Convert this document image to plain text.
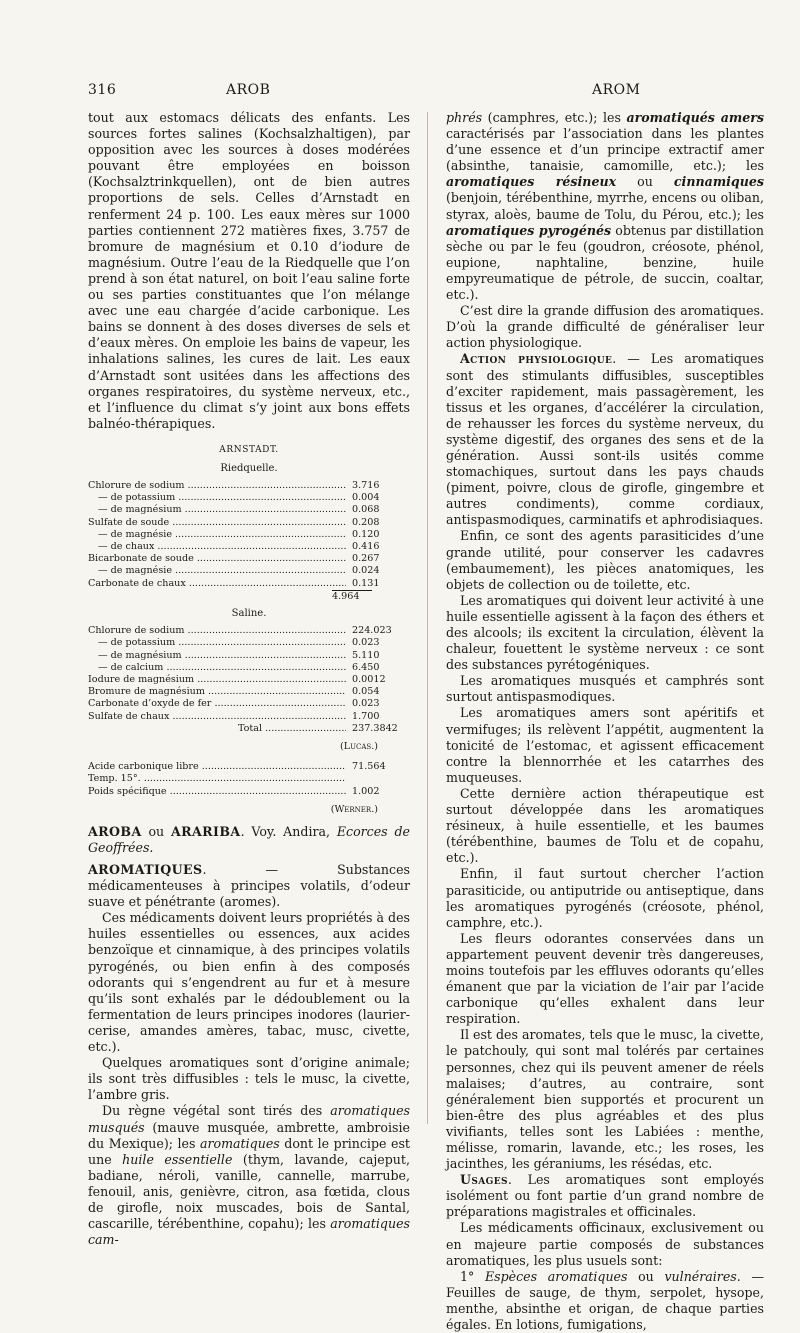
316	AROB	AROM

tout aux estomacs délicats des enfants. Les sources fortes salines (Kochsalzhaltigen), par opposition avec les sources à doses modérées pouvant être employées en boisson (Kochsalztrinkquellen), ont de bien autres proportions de sels. Celles d’Arnstadt en renferment 24 p. 100. Les eaux mères sur 1000 parties contiennent 272 matières fixes, 3.757 de bromure de magnésium et 0.10 d’iodure de magnésium. Outre l’eau de la Riedquelle que l’on prend à son état naturel, on boit l’eau saline forte ou ses parties constituantes que l’on mélange avec une eau chargée d’acide carbonique. Les bains se donnent à des doses diverses de sels et d’eaux mères. On emploie les bains de vapeur, les inhalations salines, les cures de lait. Les eaux d’Arnstadt sont usitées dans les affections des organes respiratoires, du système nerveux, etc., et l’influence du climat s’y joint aux bons effets balnéo-thérapiques.

ARNSTADT.
Riedquelle.
Chlorure de sodium .....	3.716
— de potassium .....	0.004
— de magnésium .....	0.068
Sulfate de soude .....	0.208
— de magnésie .....	0.120
— de chaux .....	0.416
Bicarbonate de soude .....	0.267
— de magnésie .....	0.024
Carbonate de chaux .....	0.131
4.964
Saline.
Chlorure de sodium .....	224.023
— de potassium .....	0.023
— de magnésium .....	5.110
— de calcium .....	6.450
Iodure de magnésium .....	0.0012
Bromure de magnésium .....	0.054
Carbonate d’oxyde de fer .....	0.023
Sulfate de chaux .....	1.700
Total .....	237.3842
(Lucas.)
Acide carbonique libre .....	71.564
Temp. 15°. .....
Poids spécifique .....	1.002
(Werner.)

AROBA ou ARARIBA. Voy. Andira, Ecorces de Geoffrées.

AROMATIQUES. — Substances médicamenteuses à principes volatils, d’odeur suave et pénétrante (aromes).

Ces médicaments doivent leurs propriétés à des huiles essentielles ou essences, aux acides benzoïque et cinnamique, à des principes volatils pyrogénés, ou bien enfin à des composés odorants qui s’engendrent au fur et à mesure qu’ils sont exhalés par le dédoublement ou la fermentation de leurs principes inodores (laurier-cerise, amandes amères, tabac, musc, civette, etc.).

Quelques aromatiques sont d’origine animale; ils sont très diffusibles : tels le musc, la civette, l’ambre gris.

Du règne végétal sont tirés des aromatiques musqués (mauve musquée, ambrette, ambroisie du Mexique); les aromatiques dont le principe est une huile essentielle (thym, lavande, cajeput, badiane, néroli, vanille, cannelle, marrube, fenouil, anis, genièvre, citron, asa fœtida, clous de girofle, noix muscades, bois de Santal, cascarille, térébenthine, copahu); les aromatiques cam-

phrés (camphres, etc.); les aromatiqués amers caractérisés par l’association dans les plantes d’une essence et d’un principe extractif amer (absinthe, tanaisie, camomille, etc.); les aromatiques résineux ou cinnamiques (benjoin, térébenthine, myrrhe, encens ou oliban, styrax, aloès, baume de Tolu, du Pérou, etc.); les aromatiques pyrogénés obtenus par distillation sèche ou par le feu (goudron, créosote, phénol, eupione, naphtaline, benzine, huile empyreumatique de pétrole, de succin, coaltar, etc.).

C’est dire la grande diffusion des aromatiques. D’où la grande difficulté de généraliser leur action physiologique.

Action physiologique. — Les aromatiques sont des stimulants diffusibles, susceptibles d’exciter rapidement, mais passagèrement, les tissus et les organes, d’accélérer la circulation, de rehausser les forces du système nerveux, du système digestif, des organes des sens et de la génération. Aussi sont-ils usités comme stomachiques, surtout dans les pays chauds (piment, poivre, clous de girofle, gingembre et autres condiments), comme cordiaux, antispasmodiques, carminatifs et aphrodisiaques.

Enfin, ce sont des agents parasiticides d’une grande utilité, pour conserver les cadavres (embaumement), les pièces anatomiques, les objets de collection ou de toilette, etc.

Les aromatiques qui doivent leur activité à une huile essentielle agissent à la façon des éthers et des alcools; ils excitent la circulation, élèvent la chaleur, fouettent le système nerveux : ce sont des substances pyrétogéniques.

Les aromatiques musqués et camphrés sont surtout antispasmodiques.

Les aromatiques amers sont apéritifs et vermifuges; ils relèvent l’appétit, augmentent la tonicité de l’estomac, et agissent efficacement contre la blennorrhée et les catarrhes des muqueuses.

Cette dernière action thérapeutique est surtout développée dans les aromatiques résineux, à huile essentielle, et les baumes (térébenthine, baumes de Tolu et de copahu, etc.).

Enfin, il faut surtout chercher l’action parasiticide, ou antiputride ou antiseptique, dans les aromatiques pyrogénés (créosote, phénol, camphre, etc.).

Les fleurs odorantes conservées dans un appartement peuvent devenir très dangereuses, moins toutefois par les effluves odorants qu’elles émanent que par la viciation de l’air par l’acide carbonique qu’elles exhalent dans leur respiration.

Il est des aromates, tels que le musc, la civette, le patchouly, qui sont mal tolérés par certaines personnes, chez qui ils peuvent amener de réels malaises; d’autres, au contraire, sont généralement bien supportés et procurent un bien-être des plus agréables et des plus vivifiants, telles sont les Labiées : menthe, mélisse, romarin, lavande, etc.; les roses, les jacinthes, les géraniums, les résédas, etc.

Usages. Les aromatiques sont employés isolément ou font partie d’un grand nombre de préparations magistrales et officinales.

Les médicaments officinaux, exclusivement ou en majeure partie composés de substances aromatiques, les plus usuels sont:

1° Espèces aromatiques ou vulnéraires. — Feuilles de sauge, de thym, serpolet, hysope, menthe, absinthe et origan, de chaque parties égales. En lotions, fumigations,
